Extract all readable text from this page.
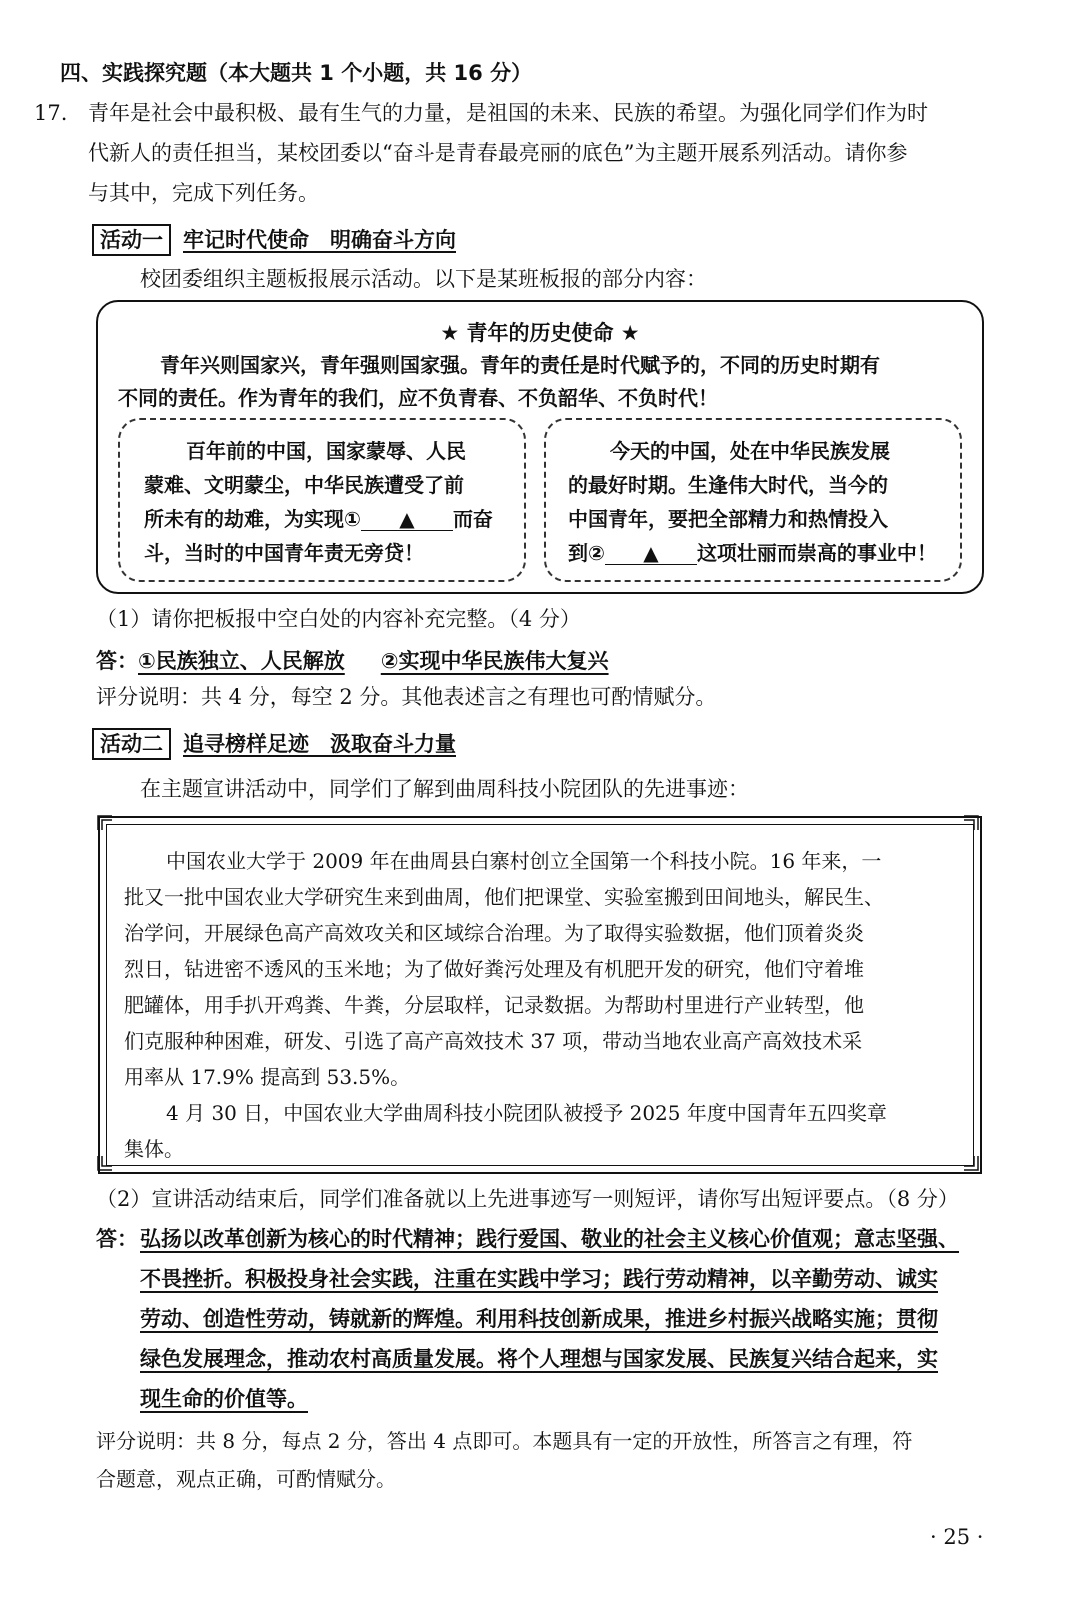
四、实践探究题（本大题共 1 个小题，共 16 分）
17. 青年是社会中最积极、最有生气的力量，是祖国的未来、民族的希望。为强化同学们作为时
代新人的责任担当，某校团委以“奋斗是青春最亮丽的底色”为主题开展系列活动。请你参
与其中，完成下列任务。
活动一 牢记时代使命　明确奋斗方向
校团委组织主题板报展示活动。以下是某班板报的部分内容：
★ 青年的历史使命 ★
青年兴则国家兴，青年强则国家强。青年的责任是时代赋予的，不同的历史时期有
不同的责任。作为青年的我们，应不负青春、不负韶华、不负时代！
百年前的中国，国家蒙辱、人民
蒙难、文明蒙尘，中华民族遭受了前
所未有的劫难，为实现① ▲ 而奋
斗，当时的中国青年责无旁贷！
今天的中国，处在中华民族发展
的最好时期。生逢伟大时代，当今的
中国青年，要把全部精力和热情投入
到② ▲ 这项壮丽而崇高的事业中！
（1）请你把板报中空白处的内容补充完整。（4 分）
答：①民族独立、人民解放 ②实现中华民族伟大复兴
评分说明：共 4 分，每空 2 分。其他表述言之有理也可酌情赋分。
活动二 追寻榜样足迹　汲取奋斗力量
在主题宣讲活动中，同学们了解到曲周科技小院团队的先进事迹：
中国农业大学于 2009 年在曲周县白寨村创立全国第一个科技小院。16 年来，一
批又一批中国农业大学研究生来到曲周，他们把课堂、实验室搬到田间地头，解民生、
治学问，开展绿色高产高效攻关和区域综合治理。为了取得实验数据，他们顶着炎炎
烈日，钻进密不透风的玉米地；为了做好粪污处理及有机肥开发的研究，他们守着堆
肥罐体，用手扒开鸡粪、牛粪，分层取样，记录数据。为帮助村里进行产业转型，他
们克服种种困难，研发、引选了高产高效技术 37 项，带动当地农业高产高效技术采
用率从 17.9% 提高到 53.5%。
4 月 30 日，中国农业大学曲周科技小院团队被授予 2025 年度中国青年五四奖章
集体。
（2）宣讲活动结束后，同学们准备就以上先进事迹写一则短评，请你写出短评要点。（8 分）
答： 弘扬以改革创新为核心的时代精神；践行爱国、敬业的社会主义核心价值观；意志坚强、
不畏挫折。积极投身社会实践，注重在实践中学习；践行劳动精神，以辛勤劳动、诚实
劳动、创造性劳动，铸就新的辉煌。利用科技创新成果，推进乡村振兴战略实施；贯彻
绿色发展理念，推动农村高质量发展。将个人理想与国家发展、民族复兴结合起来，实
现生命的价值等。
评分说明：共 8 分，每点 2 分，答出 4 点即可。本题具有一定的开放性，所答言之有理，符
合题意，观点正确，可酌情赋分。
· 25 ·
